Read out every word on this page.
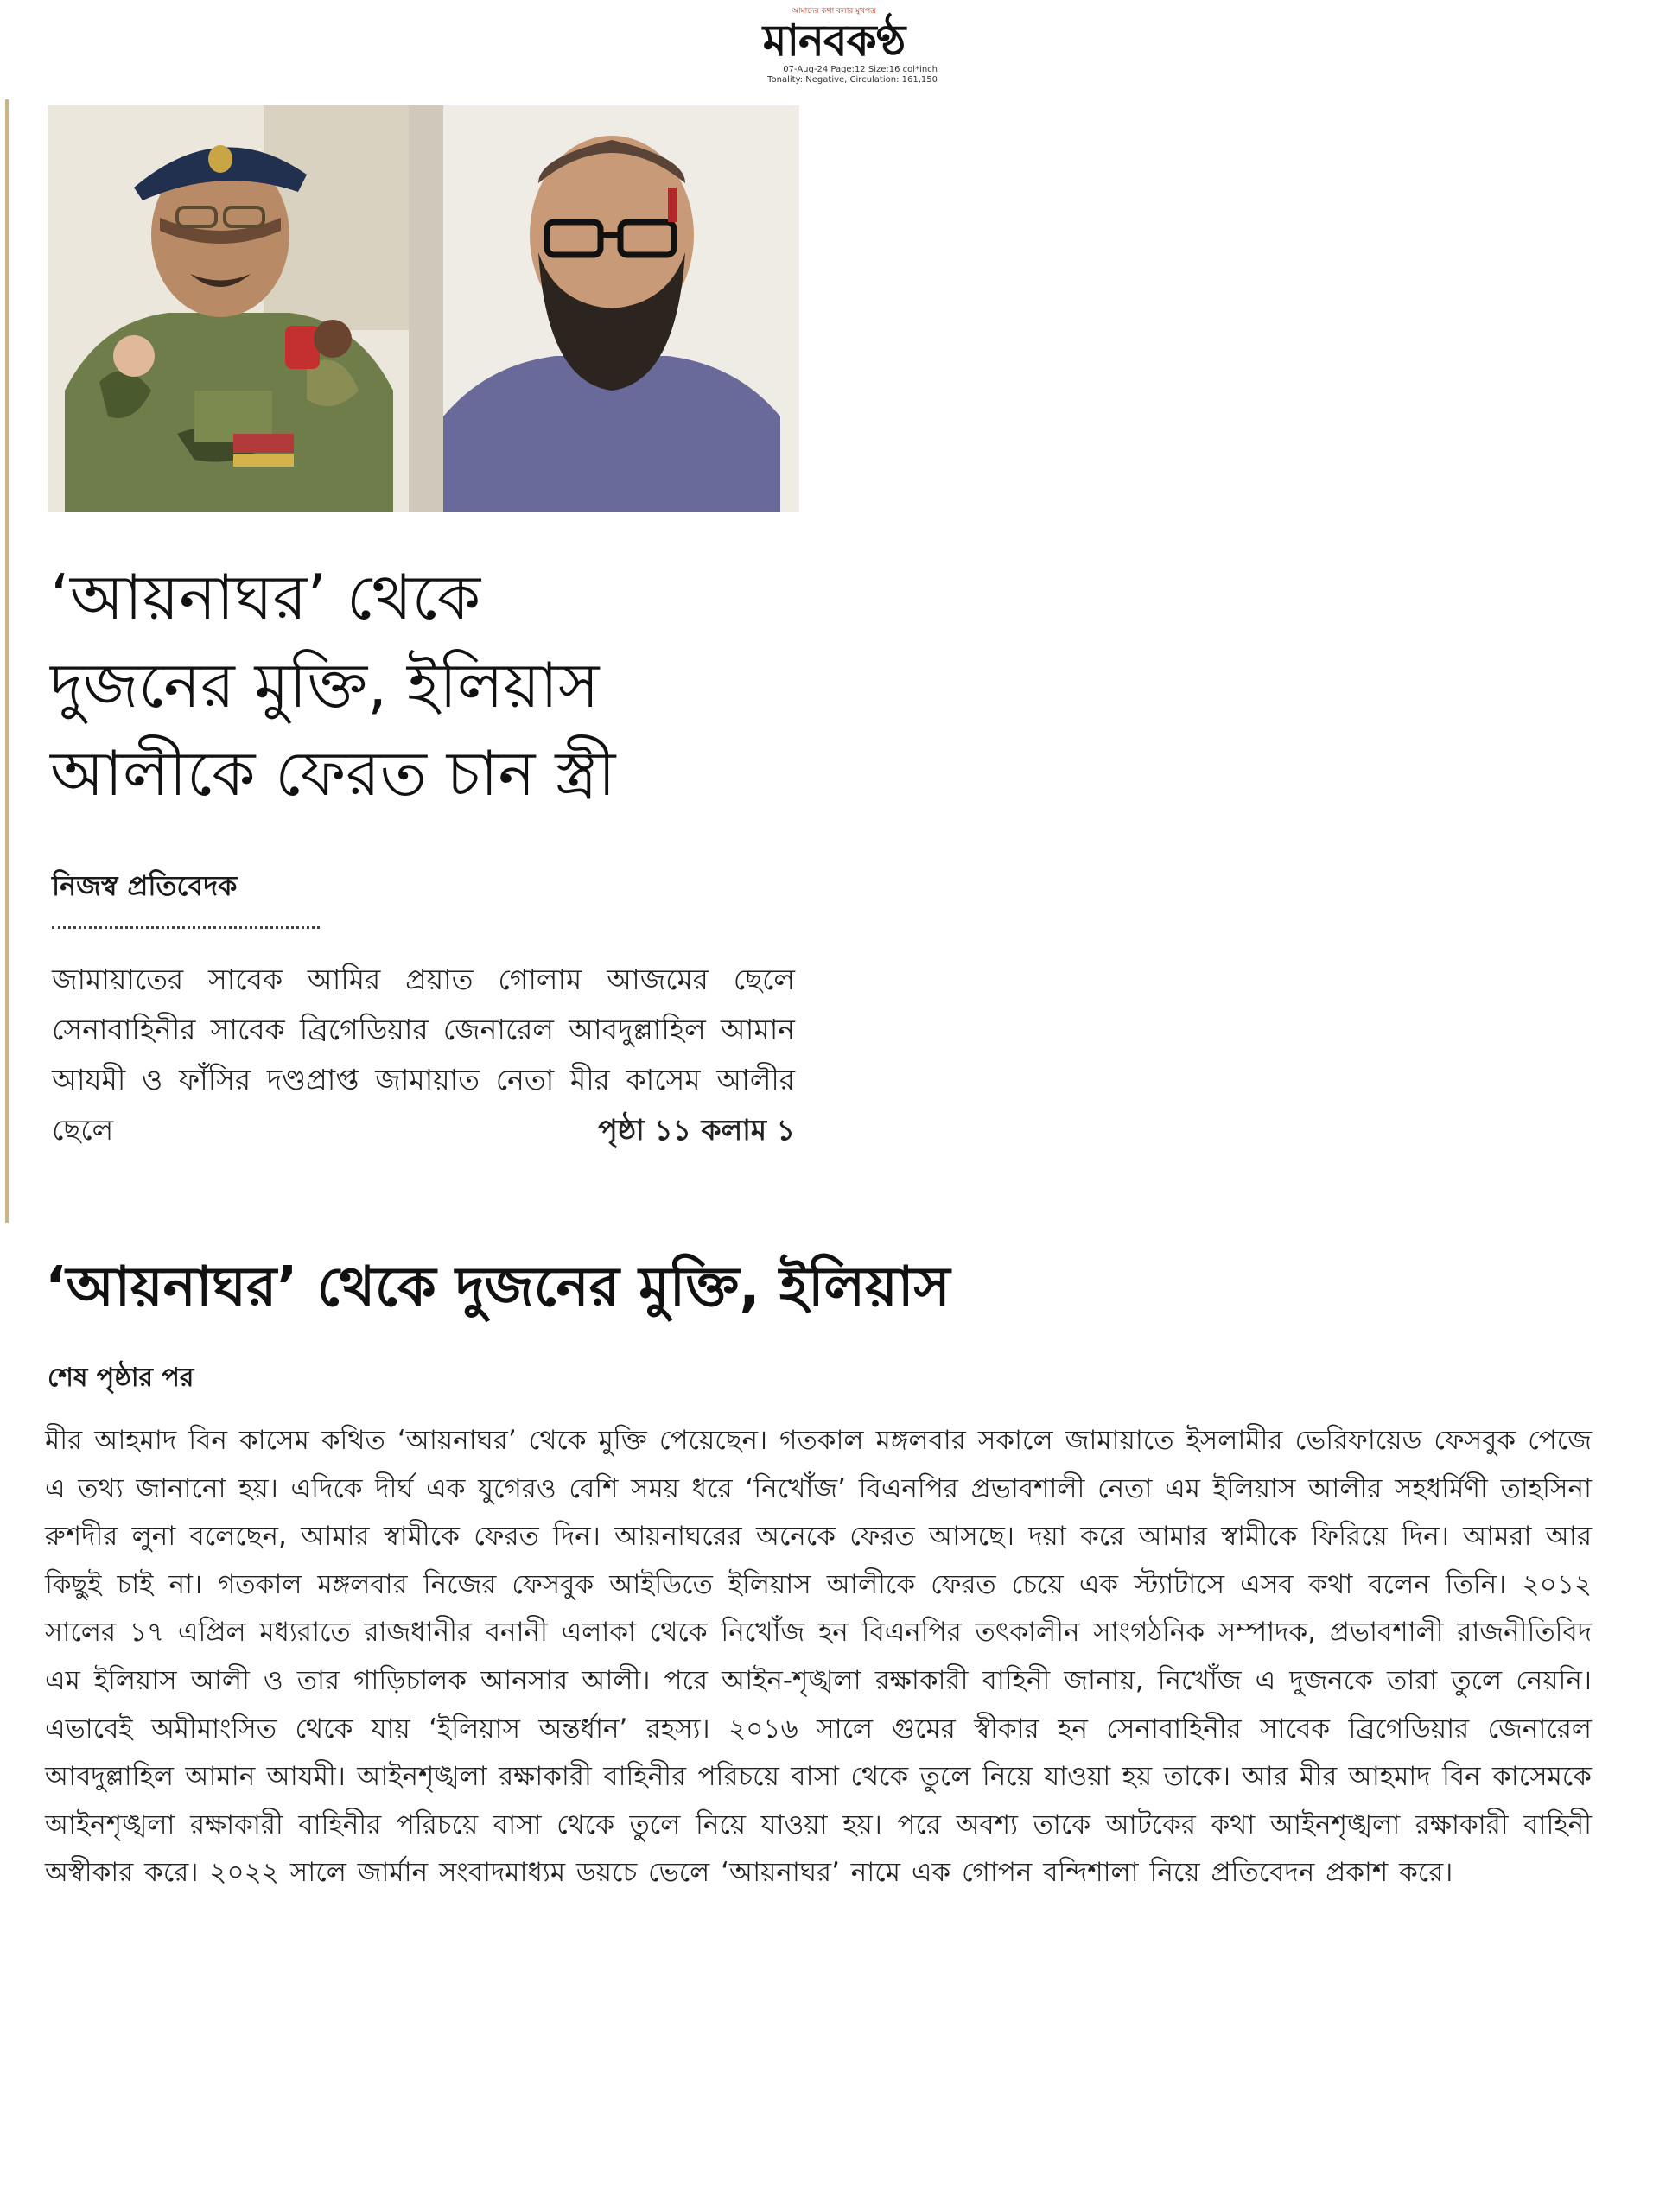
আমাদের কথা বলার মুখপত্র
মানবকণ্ঠ
07-Aug-24 Page:12 Size:16 col*inch
Tonality: Negative, Circulation: 161,150
‘আয়নাঘর’ থেকে
দুজনের মুক্তি, ইলিয়াস
আলীকে ফেরত চান স্ত্রী
নিজস্ব প্রতিবেদক
জামায়াতের সাবেক আমির প্রয়াত গোলাম আজমের ছেলে সেনাবাহিনীর সাবেক ব্রিগেডিয়ার জেনারেল আবদুল্লাহিল আমান আযমী ও ফাঁসির দণ্ডপ্রাপ্ত জামায়াত নেতা মীর কাসেম আলীর ছেলে	পৃষ্ঠা ১১ কলাম ১
‘আয়নাঘর’ থেকে দুজনের মুক্তি, ইলিয়াস
শেষ পৃষ্ঠার পর
মীর আহমাদ বিন কাসেম কথিত ‘আয়নাঘর’ থেকে মুক্তি পেয়েছেন। গতকাল মঙ্গলবার সকালে জামায়াতে ইসলামীর ভেরিফায়েড ফেসবুক পেজে এ তথ্য জানানো হয়। এদিকে দীর্ঘ এক যুগেরও বেশি সময় ধরে ‘নিখোঁজ’ বিএনপির প্রভাবশালী নেতা এম ইলিয়াস আলীর সহধর্মিণী তাহসিনা রুশদীর লুনা বলেছেন, আমার স্বামীকে ফেরত দিন। আয়নাঘরের অনেকে ফেরত আসছে। দয়া করে আমার স্বামীকে ফিরিয়ে দিন। আমরা আর কিছুই চাই না। গতকাল মঙ্গলবার নিজের ফেসবুক আইডিতে ইলিয়াস আলীকে ফেরত চেয়ে এক স্ট্যাটাসে এসব কথা বলেন তিনি। ২০১২ সালের ১৭ এপ্রিল মধ্যরাতে রাজধানীর বনানী এলাকা থেকে নিখোঁজ হন বিএনপির তৎকালীন সাংগঠনিক সম্পাদক, প্রভাবশালী রাজনীতিবিদ এম ইলিয়াস আলী ও তার গাড়িচালক আনসার আলী। পরে আইন-শৃঙ্খলা রক্ষাকারী বাহিনী জানায়, নিখোঁজ এ দুজনকে তারা তুলে নেয়নি। এভাবেই অমীমাংসিত থেকে যায় ‘ইলিয়াস অন্তর্ধান’ রহস্য। ২০১৬ সালে গুমের স্বীকার হন সেনাবাহিনীর সাবেক ব্রিগেডিয়ার জেনারেল আবদুল্লাহিল আমান আযমী। আইনশৃঙ্খলা রক্ষাকারী বাহিনীর পরিচয়ে বাসা থেকে তুলে নিয়ে যাওয়া হয় তাকে। আর মীর আহমাদ বিন কাসেমকে আইনশৃঙ্খলা রক্ষাকারী বাহিনীর পরিচয়ে বাসা থেকে তুলে নিয়ে যাওয়া হয়। পরে অবশ্য তাকে আটকের কথা আইনশৃঙ্খলা রক্ষাকারী বাহিনী অস্বীকার করে। ২০২২ সালে জার্মান সংবাদমাধ্যম ডয়চে ভেলে ‘আয়নাঘর’ নামে এক গোপন বন্দিশালা নিয়ে প্রতিবেদন প্রকাশ করে।
